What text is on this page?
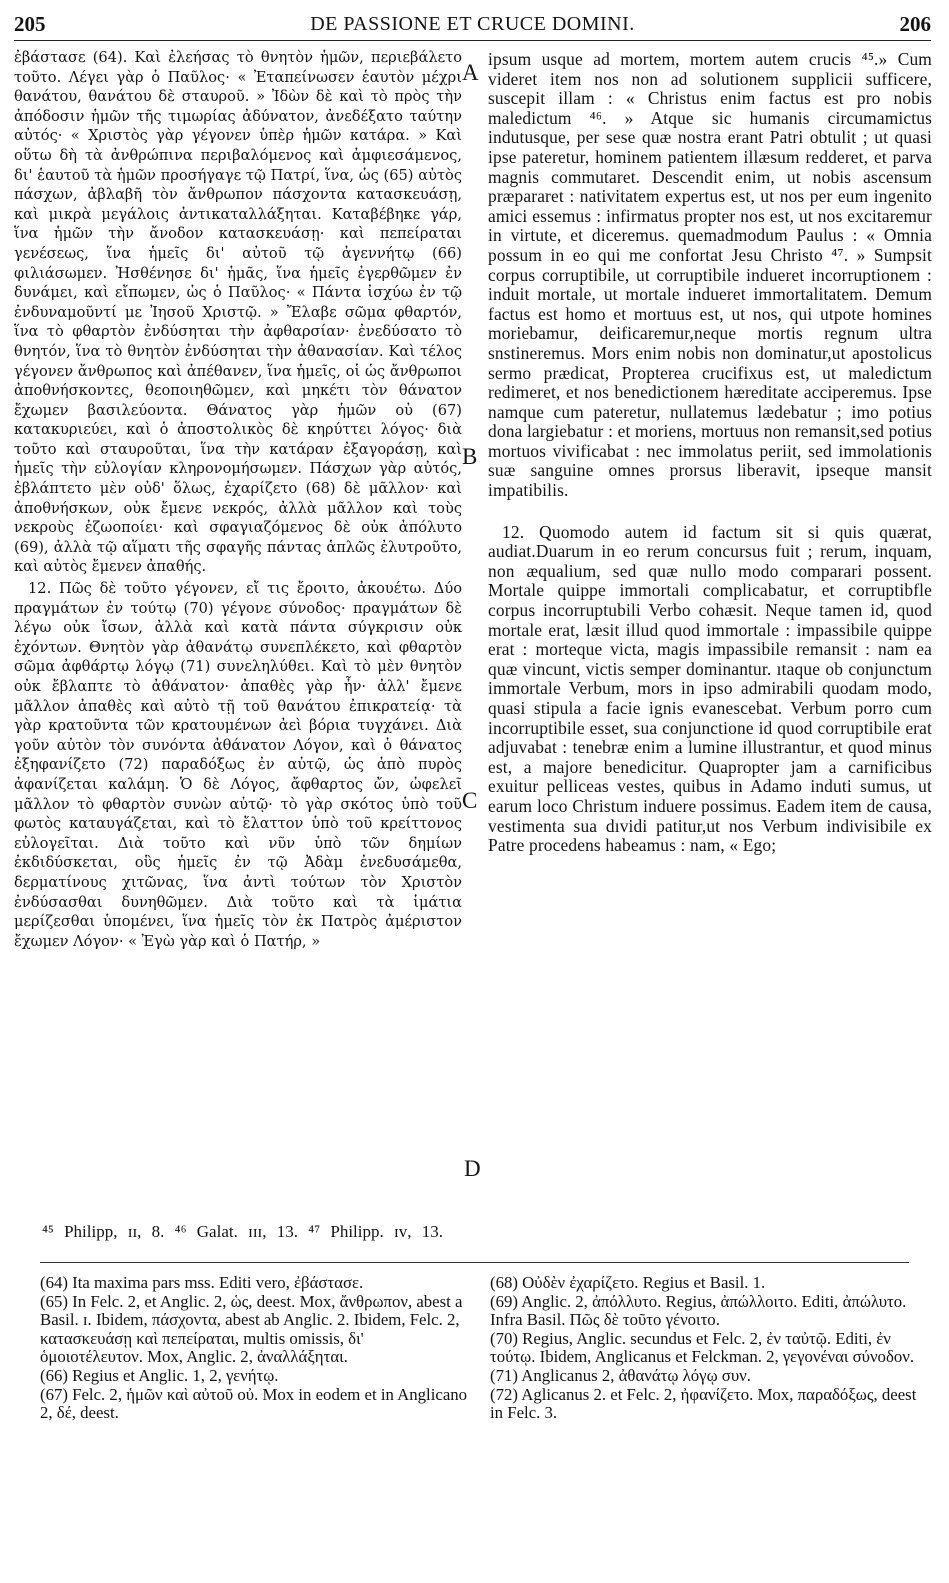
205	DE PASSIONE ET CRUCE DOMINI.	206

ἐβάστασε (64). Καὶ ἐλεήσας τὸ θνητὸν ἡμῶν, περιεβάλετο τοῦτο. Λέγει γὰρ ὁ Παῦλος· « Ἐταπείνωσεν ἑαυτὸν μέχρι θανάτου, θανάτου δὲ σταυροῦ. » Ἰδὼν δὲ καὶ τὸ πρὸς τὴν ἀπόδοσιν ἡμῶν τῆς τιμωρίας ἀδύνατον, ἀνεδέξατο ταύτην αὐτός· « Χριστὸς γὰρ γέγονεν ὑπὲρ ἡμῶν κατάρα. » Καὶ οὕτω δὴ τὰ ἀνθρώπινα περιβαλόμενος καὶ ἀμφιεσάμενος, δι' ἑαυτοῦ τὰ ἡμῶν προσήγαγε τῷ Πατρί, ἵνα, ὡς (65) αὐτὸς πάσχων, ἀβλαβῆ τὸν ἄνθρωπον πάσχοντα κατασκευάσῃ, καὶ μικρὰ μεγάλοις ἀντικαταλλάξηται. Καταβέβηκε γάρ, ἵνα ἡμῶν τὴν ἄνοδον κατασκευάσῃ· καὶ πεπείραται γενέσεως, ἵνα ἡμεῖς δι' αὐτοῦ τῷ ἀγεννήτῳ (66) φιλιάσωμεν. Ἠσθένησε δι' ἡμᾶς, ἵνα ἡμεῖς ἐγερθῶμεν ἐν δυνάμει, καὶ εἴπωμεν, ὡς ὁ Παῦλος· « Πάντα ἰσχύω ἐν τῷ ἐνδυναμοῦντί με Ἰησοῦ Χριστῷ. » Ἔλαβε σῶμα φθαρτόν, ἵνα τὸ φθαρτὸν ἐνδύσηται τὴν ἀφθαρσίαν· ἐνεδύσατο τὸ θνητόν, ἵνα τὸ θνητὸν ἐνδύσηται τὴν ἀθανασίαν. Καὶ τέλος γέγονεν ἄνθρωπος καὶ ἀπέθανεν, ἵνα ἡμεῖς, οἱ ὡς ἄνθρωποι ἀποθνήσκοντες, θεοποιηθῶμεν, καὶ μηκέτι τὸν θάνατον ἔχωμεν βασιλεύοντα. Θάνατος γὰρ ἡμῶν οὐ (67) κατακυριεύει, καὶ ὁ ἀποστολικὸς δὲ κηρύττει λόγος· διὰ τοῦτο καὶ σταυροῦται, ἵνα τὴν κατάραν ἐξαγοράσῃ, καὶ ἡμεῖς τὴν εὐλογίαν κληρονομήσωμεν. Πάσχων γὰρ αὐτός, ἐβλάπτετο μὲν οὐδ' ὅλως, ἐχαρίζετο (68) δὲ μᾶλλον· καὶ ἀποθνήσκων, οὐκ ἔμενε νεκρός, ἀλλὰ μᾶλλον καὶ τοὺς νεκροὺς ἐζωοποίει· καὶ σφαγιαζόμενος δὲ οὐκ ἀπόλυτο (69), ἀλλὰ τῷ αἵματι τῆς σφαγῆς πάντας ἁπλῶς ἐλυτροῦτο, καὶ αὐτὸς ἔμενεν ἀπαθής.

12. Πῶς δὲ τοῦτο γέγονεν, εἴ τις ἔροιτο, ἀκουέτω. Δύο πραγμάτων ἐν τούτῳ (70) γέγονε σύνοδος· πραγμάτων δὲ λέγω οὐκ ἴσων, ἀλλὰ καὶ κατὰ πάντα σύγκρισιν οὐκ ἐχόντων. Θνητὸν γὰρ ἀθανάτῳ συνεπλέκετο, καὶ φθαρτὸν σῶμα ἀφθάρτῳ λόγῳ (71) συνεληλύθει. Καὶ τὸ μὲν θνητὸν οὐκ ἔβλαπτε τὸ ἀθάνατον· ἀπαθὲς γὰρ ἦν· ἀλλ' ἔμενε μᾶλλον ἀπαθὲς καὶ αὐτὸ τῇ τοῦ θανάτου ἐπικρατείᾳ· τὰ γὰρ κρατοῦντα τῶν κρατουμένων ἀεὶ βόρια τυγχάνει. Διὰ γοῦν αὐτὸν τὸν συνόντα ἀθάνατον Λόγον, καὶ ὁ θάνατος ἐξηφανίζετο (72) παραδόξως ἐν αὐτῷ, ὡς ἀπὸ πυρὸς ἀφανίζεται καλάμη. Ὁ δὲ Λόγος, ἄφθαρτος ὤν, ὠφελεῖ μᾶλλον τὸ φθαρτὸν συνὼν αὐτῷ· τὸ γὰρ σκότος ὑπὸ τοῦ φωτὸς καταυγάζεται, καὶ τὸ ἔλαττον ὑπὸ τοῦ κρείττονος εὐλογεῖται. Διὰ τοῦτο καὶ νῦν ὑπὸ τῶν δημίων ἐκδιδύσκεται, οὓς ἡμεῖς ἐν τῷ Ἀδὰμ ἐνεδυσάμεθα, δερματίνους χιτῶνας, ἵνα ἀντὶ τούτων τὸν Χριστὸν ἐνδύσασθαι δυνηθῶμεν. Διὰ τοῦτο καὶ τὰ ἱμάτια μερίζεσθαι ὑπομένει, ἵνα ἡμεῖς τὸν ἐκ Πατρὸς ἀμέριστον ἔχωμεν Λόγον· « Ἐγὼ γὰρ καὶ ὁ Πατήρ, »

A
B
C
D

ipsum usque ad mortem, mortem autem crucis ⁴⁵.» Cum videret item nos non ad solutionem supplicii sufficere, suscepit illam : « Christus enim factus est pro nobis maledictum ⁴⁶. » Atque sic humanis circumamictus indutusque, per sese quæ nostra erant Patri obtulit ; ut quasi ipse pateretur, hominem patientem illæsum redderet, et parva magnis commutaret. Descendit enim, ut nobis ascensum præpararet : nativitatem expertus est, ut nos per eum ingenito amici essemus : infirmatus propter nos est, ut nos excitaremur in virtute, et diceremus. quemadmodum Paulus : « Omnia possum in eo qui me confortat Jesu Christo ⁴⁷. » Sumpsit corpus corruptibile, ut corruptibile indueret incorruptionem : induit mortale, ut mortale indueret immortalitatem. Demum factus est homo et mortuus est, ut nos, qui utpote homines moriebamur, deificaremur,neque mortis regnum ultra snstineremus. Mors enim nobis non dominatur,ut apostolicus sermo prædicat, Propterea crucifixus est, ut maledictum redimeret, et nos benedictionem hæreditate acciperemus. Ipse namque cum pateretur, nullatemus lædebatur ; imo potius dona largiebatur : et moriens, mortuus non remansit,sed potius mortuos vivificabat : nec immolatus periit, sed immolationis suæ sanguine omnes prorsus liberavit, ipseque mansit impatibilis.

12. Quomodo autem id factum sit si quis quærat, audiat.Duarum in eo rerum concursus fuit ; rerum, inquam, non æqualium, sed quæ nullo modo comparari possent. Mortale quippe immortali complicabatur, et corruptibfle corpus incorruptubili Verbo cohæsit. Neque tamen id, quod mortale erat, læsit illud quod immortale : impassibile quippe erat : morteque victa, magis impassibile remansit : nam ea quæ vincunt, victis semper dominantur. ıtaque ob conjunctum immortale Verbum, mors in ipso admirabili quodam modo, quasi stipula a facie ignis evanescebat. Verbum porro cum incorruptibile esset, sua conjunctione id quod corruptibile erat adjuvabat : tenebræ enim a lumine illustrantur, et quod minus est, a majore benedicitur. Quapropter jam a carnificibus exuitur pelliceas vestes, quibus in Adamo induti sumus, ut earum loco Christum induere possimus. Eadem item de causa, vestimenta sua dıvidi patitur,ut nos Verbum indivisibile ex Patre procedens habeamus : nam, « Ego;

⁴⁵ Philipp, ɪɪ, 8. ⁴⁶ Galat. ɪɪɪ, 13. ⁴⁷ Philipp. ɪᴠ, 13.

(64) Ita maxima pars mss. Editi vero, ἐβάστασε.

(65) In Felc. 2, et Anglic. 2, ὡς, deest. Mox, ἄνθρωπον, abest a Basil. ɪ. Ibidem, πάσχοντα, abest ab Anglic. 2. Ibidem, Felc. 2, κατασκευάσῃ καὶ πεπείραται, multis omissis, δι' ὁμοιοτέλευτον. Mox, Anglic. 2, ἀναλλάξηται.

(66) Regius et Anglic. 1, 2, γενήτῳ.

(67) Felc. 2, ἡμῶν καὶ αὐτοῦ οὐ. Mox in eodem et in Anglicano 2, δέ, deest.

(68) Οὐδὲν ἐχαρίζετο. Regius et Basil. 1.

(69) Anglic. 2, ἀπόλλυτο. Regius, ἀπώλλοιτο. Editi, ἀπώλυτο. Infra Basil. Πῶς δὲ τοῦτο γένοιτο.

(70) Regius, Anglic. secundus et Felc. 2, ἐν ταὐτῷ. Editi, ἐν τούτῳ. Ibidem, Anglicanus et Felckman. 2, γεγονέναι σύνοδον.

(71) Anglicanus 2, ἀθανάτῳ λόγῳ συν.

(72) Aglicanus 2. et Felc. 2, ἠφανίζετο. Mox, παραδόξως, deest in Felc. 3.
